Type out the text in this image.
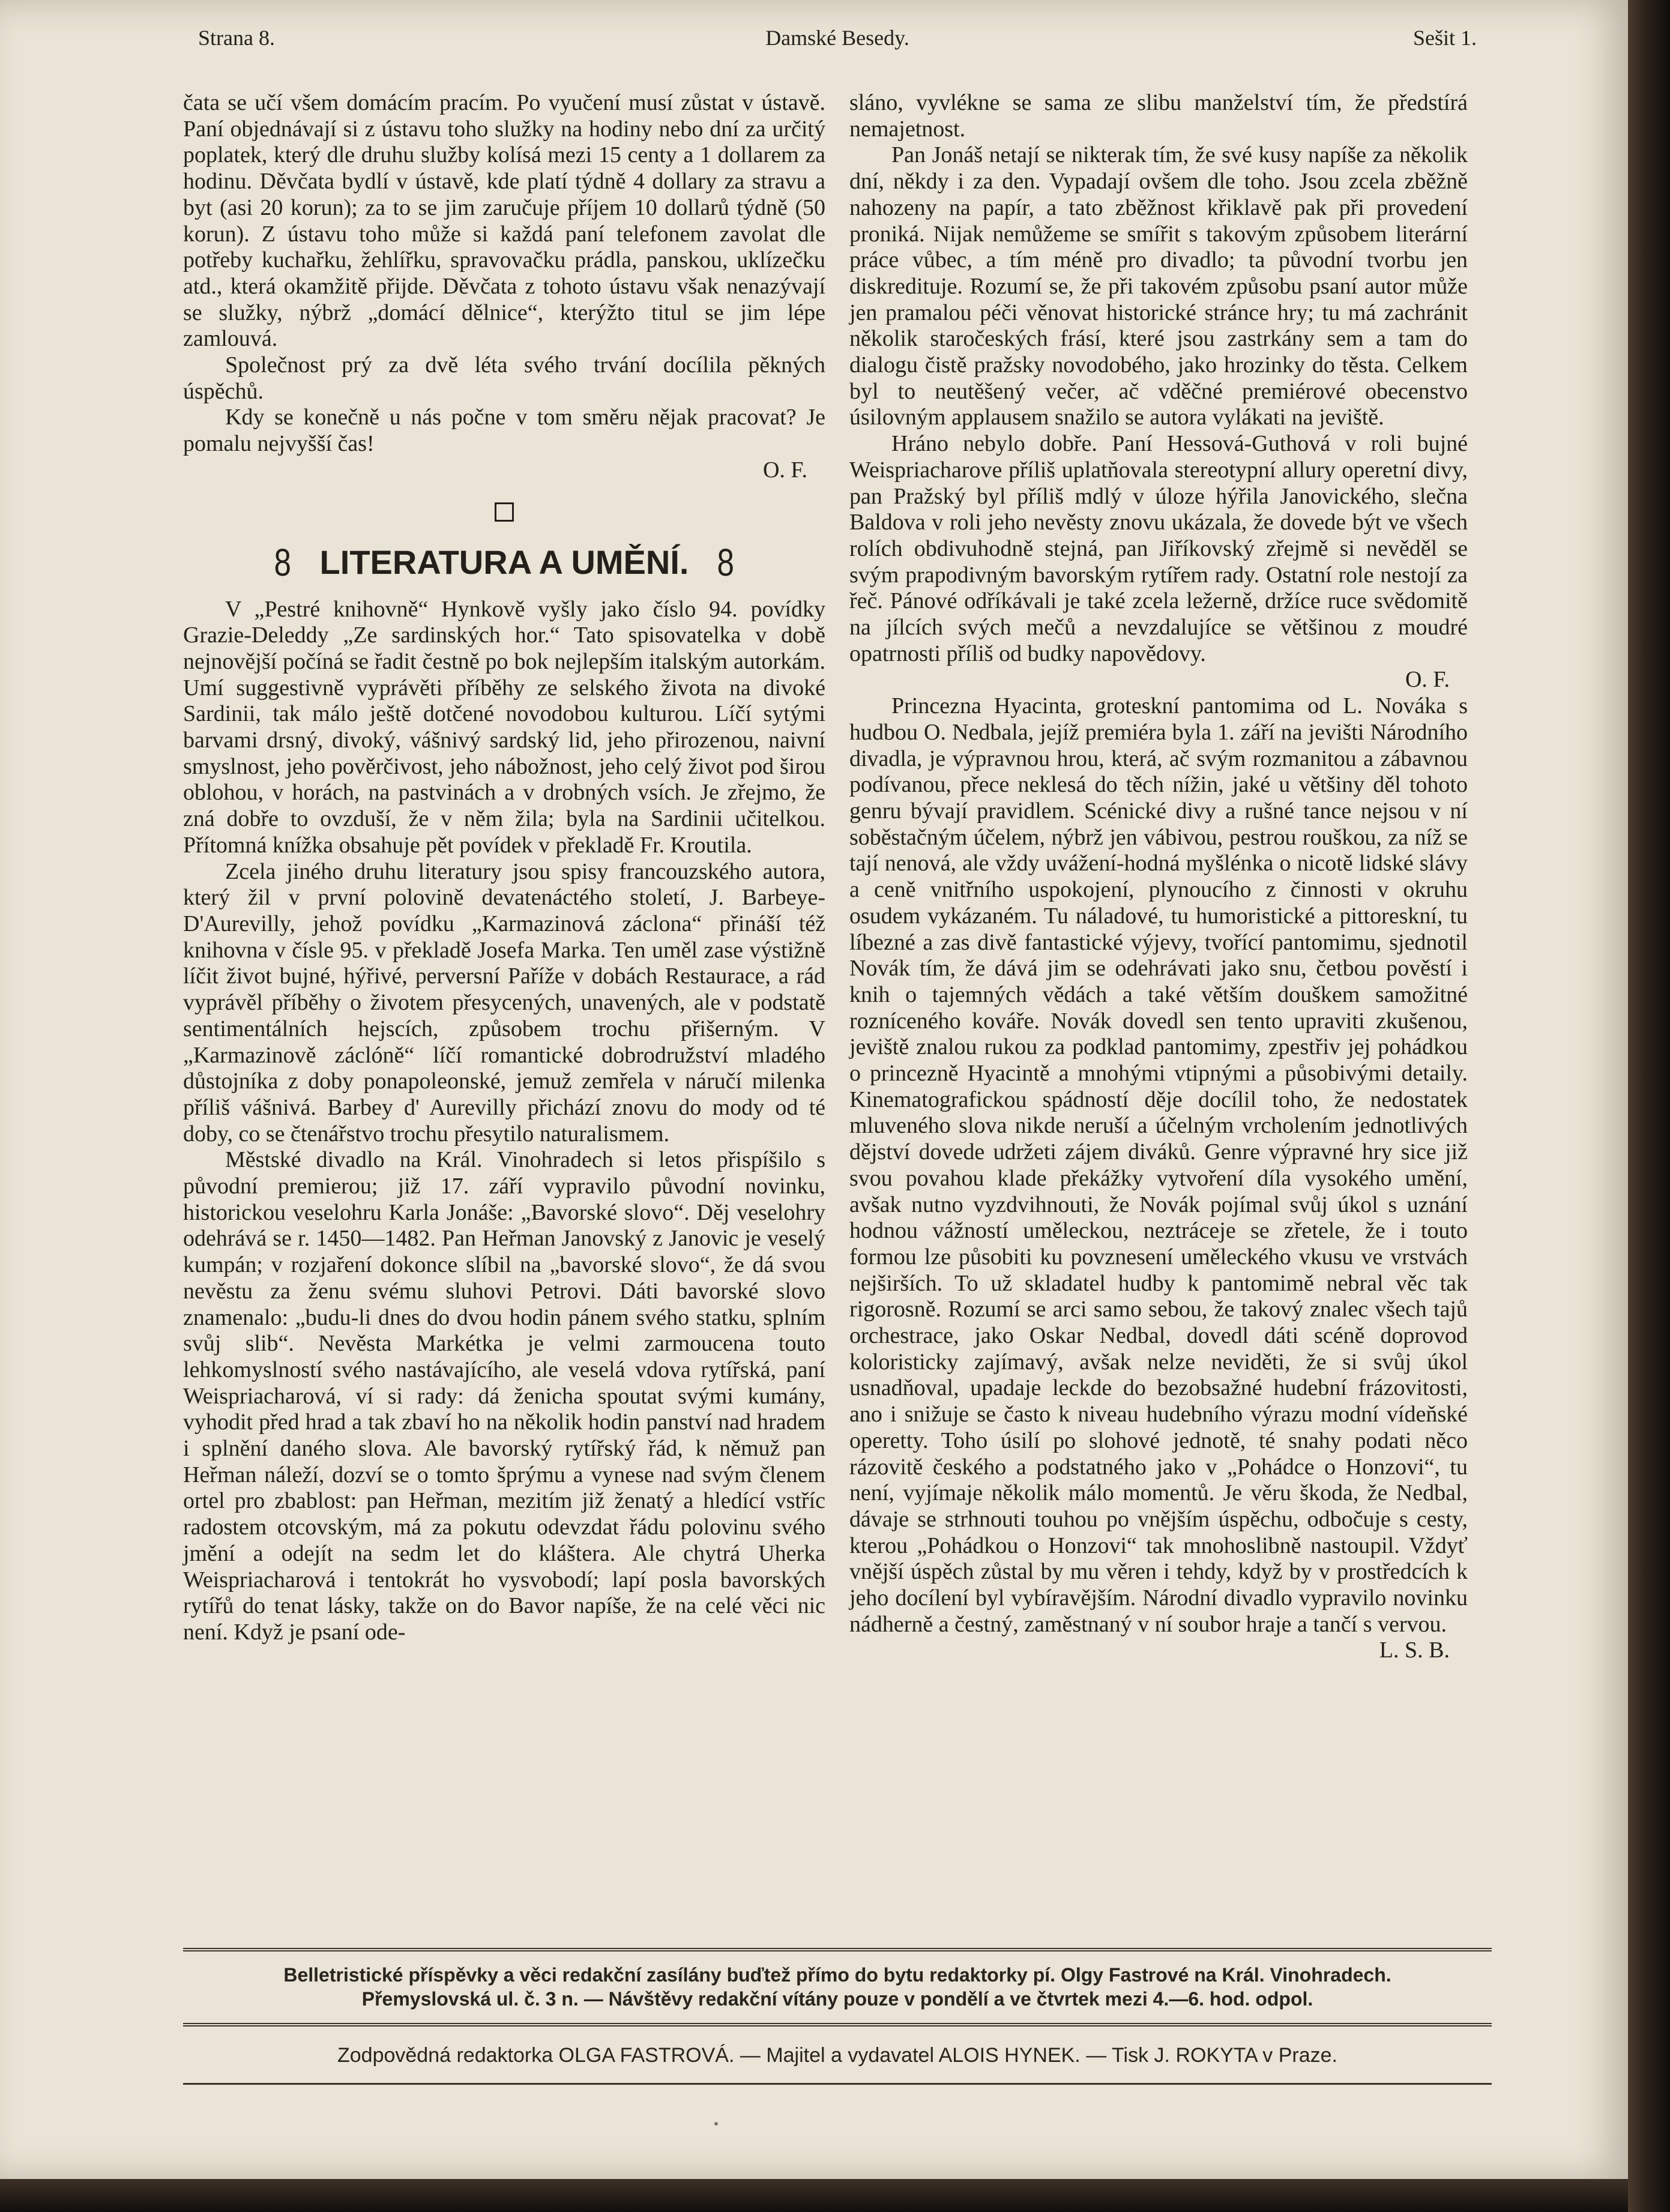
Strana 8.	Damské Besedy.	Sešit 1.

čata se učí všem domácím pracím. Po vyučení musí zůstat v ústavě. Paní objednávají si z ústavu toho služky na hodiny nebo dní za určitý poplatek, který dle druhu služby kolísá mezi 15 centy a 1 dollarem za hodinu. Děvčata bydlí v ústavě, kde platí týdně 4 dollary za stravu a byt (asi 20 korun); za to se jim zaručuje příjem 10 dollarů týdně (50 korun). Z ústavu toho může si každá paní telefonem zavolat dle potřeby kuchařku, žehlířku, spravovačku prádla, panskou, uklízečku atd., která okamžitě přijde. Děvčata z tohoto ústavu však nenazývají se služky, nýbrž „domácí dělnice“, kterýžto titul se jim lépe zamlouvá.

Společnost prý za dvě léta svého trvání docílila pěkných úspěchů.

Kdy se konečně u nás počne v tom směru nějak pracovat? Je pomalu nejvyšší čas!
O. F.

8 LITERATURA A UMĚNÍ. 8

V „Pestré knihovně“ Hynkově vyšly jako číslo 94. povídky Grazie-Deleddy „Ze sardinských hor.“ Tato spisovatelka v době nejnovější počíná se řadit čestně po bok nejlepším italským autorkám. Umí suggestivně vyprávěti příběhy ze selského života na divoké Sardinii, tak málo ještě dotčené novodobou kulturou. Líčí sytými barvami drsný, divoký, vášnivý sardský lid, jeho přirozenou, naivní smyslnost, jeho pověrčivost, jeho nábožnost, jeho celý život pod širou oblohou, v horách, na pastvinách a v drobných vsích. Je zřejmo, že zná dobře to ovzduší, že v něm žila; byla na Sardinii učitelkou. Přítomná knížka obsahuje pět povídek v překladě Fr. Kroutila.

Zcela jiného druhu literatury jsou spisy francouzského autora, který žil v první polovině devatenáctého století, J. Barbeye-D'Aurevilly, jehož povídku „Karmazinová záclona“ přináší též knihovna v čísle 95. v překladě Josefa Marka. Ten uměl zase výstižně líčit život bujné, hýřivé, perversní Paříže v dobách Restaurace, a rád vyprávěl příběhy o životem přesycených, unavených, ale v podstatě sentimentálních hejscích, způsobem trochu přišerným. V „Karmazinově záclóně“ líčí romantické dobrodružství mladého důstojníka z doby ponapoleonské, jemuž zemřela v náručí milenka příliš vášnivá. Barbey d' Aurevilly přichází znovu do mody od té doby, co se čtenářstvo trochu přesytilo naturalismem.

Městské divadlo na Král. Vinohradech si letos přispíšilo s původní premierou; již 17. září vypravilo původní novinku, historickou veselohru Karla Jonáše: „Bavorské slovo“. Děj veselohry odehrává se r. 1450—1482. Pan Heřman Janovský z Janovic je veselý kumpán; v rozjaření dokonce slíbil na „bavorské slovo“, že dá svou nevěstu za ženu svému sluhovi Petrovi. Dáti bavorské slovo znamenalo: „budu-li dnes do dvou hodin pánem svého statku, splním svůj slib“. Nevěsta Markétka je velmi zarmoucena touto lehkomyslností svého nastávajícího, ale veselá vdova rytířská, paní Weispriacharová, ví si rady: dá ženicha spoutat svými kumány, vyhodit před hrad a tak zbaví ho na několik hodin panství nad hradem i splnění daného slova. Ale bavorský rytířský řád, k němuž pan Heřman náleží, dozví se o tomto šprýmu a vynese nad svým členem ortel pro zbablost: pan Heřman, mezitím již ženatý a hledící vstříc radostem otcovským, má za pokutu odevzdat řádu polovinu svého jmění a odejít na sedm let do kláštera. Ale chytrá Uherka Weispriacharová i tentokrát ho vysvobodí; lapí posla bavorských rytířů do tenat lásky, takže on do Bavor napíše, že na celé věci nic není. Když je psaní ode-

sláno, vyvlékne se sama ze slibu manželství tím, že předstírá nemajetnost.

Pan Jonáš netají se nikterak tím, že své kusy napíše za několik dní, někdy i za den. Vypadají ovšem dle toho. Jsou zcela zběžně nahozeny na papír, a tato zběžnost křiklavě pak při provedení proniká. Nijak nemůžeme se smířit s takovým způsobem literární práce vůbec, a tím méně pro divadlo; ta původní tvorbu jen diskredituje. Rozumí se, že při takovém způsobu psaní autor může jen pramalou péči věnovat historické stránce hry; tu má zachránit několik staročeských frásí, které jsou zastrkány sem a tam do dialogu čistě pražsky novodobého, jako hrozinky do těsta. Celkem byl to neutěšený večer, ač vděčné premiérové obecenstvo úsilovným applausem snažilo se autora vylákati na jeviště.

Hráno nebylo dobře. Paní Hessová-Guthová v roli bujné Weispriacharove příliš uplatňovala stereotypní allury operetní divy, pan Pražský byl příliš mdlý v úloze hýřila Janovického, slečna Baldova v roli jeho nevěsty znovu ukázala, že dovede být ve všech rolích obdivuhodně stejná, pan Jiříkovský zřejmě si nevěděl se svým prapodivným bavorským rytířem rady. Ostatní role nestojí za řeč. Pánové odříkávali je také zcela ležerně, držíce ruce svědomitě na jílcích svých mečů a nevzdalujíce se většinou z moudré opatrnosti příliš od budky napovědovy.
O. F.

Princezna Hyacinta, groteskní pantomima od L. Nováka s hudbou O. Nedbala, jejíž premiéra byla 1. září na jevišti Národního divadla, je výpravnou hrou, která, ač svým rozmanitou a zábavnou podívanou, přece neklesá do těch nížin, jaké u většiny děl tohoto genru bývají pravidlem. Scénické divy a rušné tance nejsou v ní soběstačným účelem, nýbrž jen vábivou, pestrou rouškou, za níž se tají nenová, ale vždy uvážení-hodná myšlénka o nicotě lidské slávy a ceně vnitřního uspokojení, plynoucího z činnosti v okruhu osudem vykázaném. Tu náladové, tu humoristické a pittoreskní, tu líbezné a zas divě fantastické výjevy, tvořící pantomimu, sjednotil Novák tím, že dává jim se odehrávati jako snu, četbou pověstí i knih o tajemných vědách a také větším douškem samožitné rozníceného kováře. Novák dovedl sen tento upraviti zkušenou, jeviště znalou rukou za podklad pantomimy, zpestřiv jej pohádkou o princezně Hyacintě a mnohými vtipnými a působivými detaily. Kinematografickou spádností děje docílil toho, že nedostatek mluveného slova nikde neruší a účelným vrcholením jednotlivých dějství dovede udržeti zájem diváků. Genre výpravné hry sice již svou povahou klade překážky vytvoření díla vysokého umění, avšak nutno vyzdvihnouti, že Novák pojímal svůj úkol s uznání hodnou vážností uměleckou, neztráceje se zřetele, že i touto formou lze působiti ku povznesení uměleckého vkusu ve vrstvách nejširších. To už skladatel hudby k pantomimě nebral věc tak rigorosně. Rozumí se arci samo sebou, že takový znalec všech tajů orchestrace, jako Oskar Nedbal, dovedl dáti scéně doprovod koloristicky zajímavý, avšak nelze neviděti, že si svůj úkol usnadňoval, upadaje leckde do bezobsažné hudební frázovitosti, ano i snižuje se často k niveau hudebního výrazu modní vídeňské operetty. Toho úsilí po slohové jednotě, té snahy podati něco rázovitě českého a podstatného jako v „Pohádce o Honzovi“, tu není, vyjímaje několik málo momentů. Je věru škoda, že Nedbal, dávaje se strhnouti touhou po vnějším úspěchu, odbočuje s cesty, kterou „Pohádkou o Honzovi“ tak mnohoslibně nastoupil. Vždyť vnější úspěch zůstal by mu věren i tehdy, když by v prostředcích k jeho docílení byl vybíravějším. Národní divadlo vypravilo novinku nádherně a čestný, zaměstnaný v ní soubor hraje a tančí s vervou.
L. S. B.

Belletristické příspěvky a věci redakční zasílány buďtež přímo do bytu redaktorky pí. Olgy Fastrové na Král. Vinohradech.
Přemyslovská ul. č. 3 n. — Návštěvy redakční vítány pouze v pondělí a ve čtvrtek mezi 4.—6. hod. odpol.
Zodpovědná redaktorka OLGA FASTROVÁ. — Majitel a vydavatel ALOIS HYNEK. — Tisk J. ROKYTA v Praze.
